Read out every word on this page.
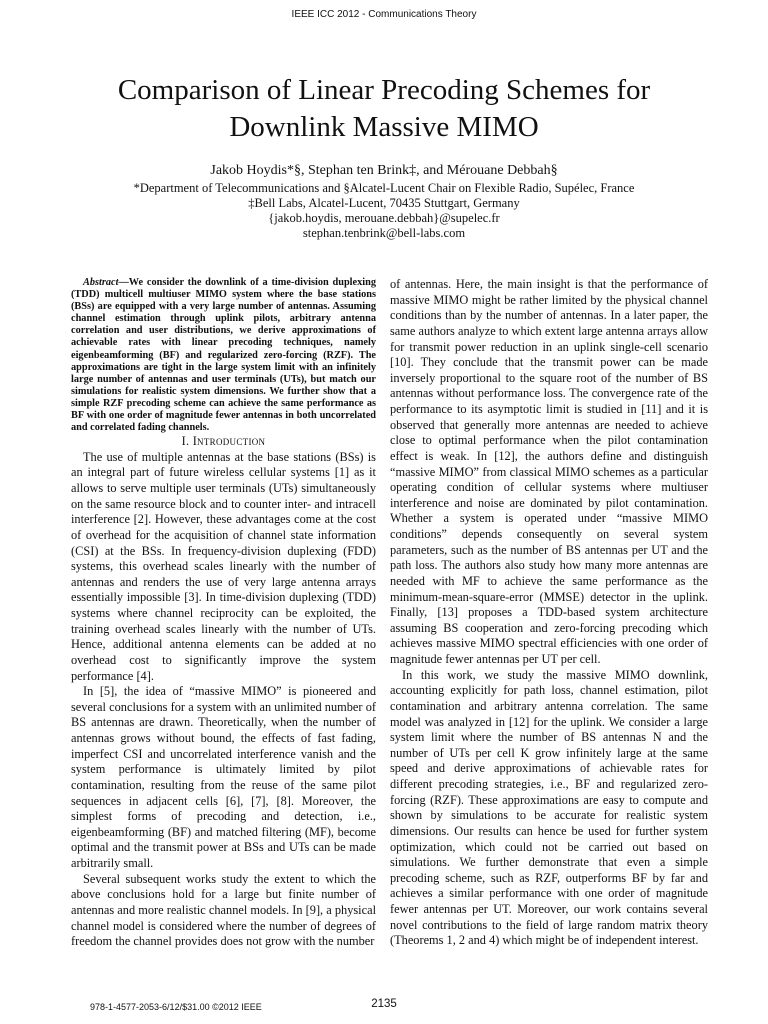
IEEE ICC 2012 - Communications Theory
Comparison of Linear Precoding Schemes for
Downlink Massive MIMO
Jakob Hoydis*§, Stephan ten Brink‡, and Mérouane Debbah§
*Department of Telecommunications and §Alcatel-Lucent Chair on Flexible Radio, Supélec, France
‡Bell Labs, Alcatel-Lucent, 70435 Stuttgart, Germany
{jakob.hoydis, merouane.debbah}@supelec.fr
stephan.tenbrink@bell-labs.com

Abstract—We consider the downlink of a time-division duplexing (TDD) multicell multiuser MIMO system where the base stations (BSs) are equipped with a very large number of antennas. Assuming channel estimation through uplink pilots, arbitrary antenna correlation and user distributions, we derive approximations of achievable rates with linear precoding techniques, namely eigenbeamforming (BF) and regularized zero-forcing (RZF). The approximations are tight in the large system limit with an infinitely large number of antennas and user terminals (UTs), but match our simulations for realistic system dimensions. We further show that a simple RZF precoding scheme can achieve the same performance as BF with one order of magnitude fewer antennas in both uncorrelated and correlated fading channels.

I. Introduction

The use of multiple antennas at the base stations (BSs) is an integral part of future wireless cellular systems [1] as it allows to serve multiple user terminals (UTs) simultaneously on the same resource block and to counter inter- and intracell interference [2]. However, these advantages come at the cost of overhead for the acquisition of channel state information (CSI) at the BSs. In frequency-division duplexing (FDD) systems, this overhead scales linearly with the number of antennas and renders the use of very large antenna arrays essentially impossible [3]. In time-division duplexing (TDD) systems where channel reciprocity can be exploited, the training overhead scales linearly with the number of UTs. Hence, additional antenna elements can be added at no overhead cost to significantly improve the system performance [4].

In [5], the idea of “massive MIMO” is pioneered and several conclusions for a system with an unlimited number of BS antennas are drawn. Theoretically, when the number of antennas grows without bound, the effects of fast fading, imperfect CSI and uncorrelated interference vanish and the system performance is ultimately limited by pilot contamination, resulting from the reuse of the same pilot sequences in adjacent cells [6], [7], [8]. Moreover, the simplest forms of precoding and detection, i.e., eigenbeamforming (BF) and matched filtering (MF), become optimal and the transmit power at BSs and UTs can be made arbitrarily small.

Several subsequent works study the extent to which the above conclusions hold for a large but finite number of antennas and more realistic channel models. In [9], a physical channel model is considered where the number of degrees of freedom the channel provides does not grow with the number

of antennas. Here, the main insight is that the performance of massive MIMO might be rather limited by the physical channel conditions than by the number of antennas. In a later paper, the same authors analyze to which extent large antenna arrays allow for transmit power reduction in an uplink single-cell scenario [10]. They conclude that the transmit power can be made inversely proportional to the square root of the number of BS antennas without performance loss. The convergence rate of the performance to its asymptotic limit is studied in [11] and it is observed that generally more antennas are needed to achieve close to optimal performance when the pilot contamination effect is weak. In [12], the authors define and distinguish “massive MIMO” from classical MIMO schemes as a particular operating condition of cellular systems where multiuser interference and noise are dominated by pilot contamination. Whether a system is operated under “massive MIMO conditions” depends consequently on several system parameters, such as the number of BS antennas per UT and the path loss. The authors also study how many more antennas are needed with MF to achieve the same performance as the minimum-mean-square-error (MMSE) detector in the uplink. Finally, [13] proposes a TDD-based system architecture assuming BS cooperation and zero-forcing precoding which achieves massive MIMO spectral efficiencies with one order of magnitude fewer antennas per UT per cell.

In this work, we study the massive MIMO downlink, accounting explicitly for path loss, channel estimation, pilot contamination and arbitrary antenna correlation. The same model was analyzed in [12] for the uplink. We consider a large system limit where the number of BS antennas N and the number of UTs per cell K grow infinitely large at the same speed and derive approximations of achievable rates for different precoding strategies, i.e., BF and regularized zero-forcing (RZF). These approximations are easy to compute and shown by simulations to be accurate for realistic system dimensions. Our results can hence be used for further system optimization, which could not be carried out based on simulations. We further demonstrate that even a simple precoding scheme, such as RZF, outperforms BF by far and achieves a similar performance with one order of magnitude fewer antennas per UT. Moreover, our work contains several novel contributions to the field of large random matrix theory (Theorems 1, 2 and 4) which might be of independent interest.

978-1-4577-2053-6/12/$31.00 ©2012 IEEE	2135
